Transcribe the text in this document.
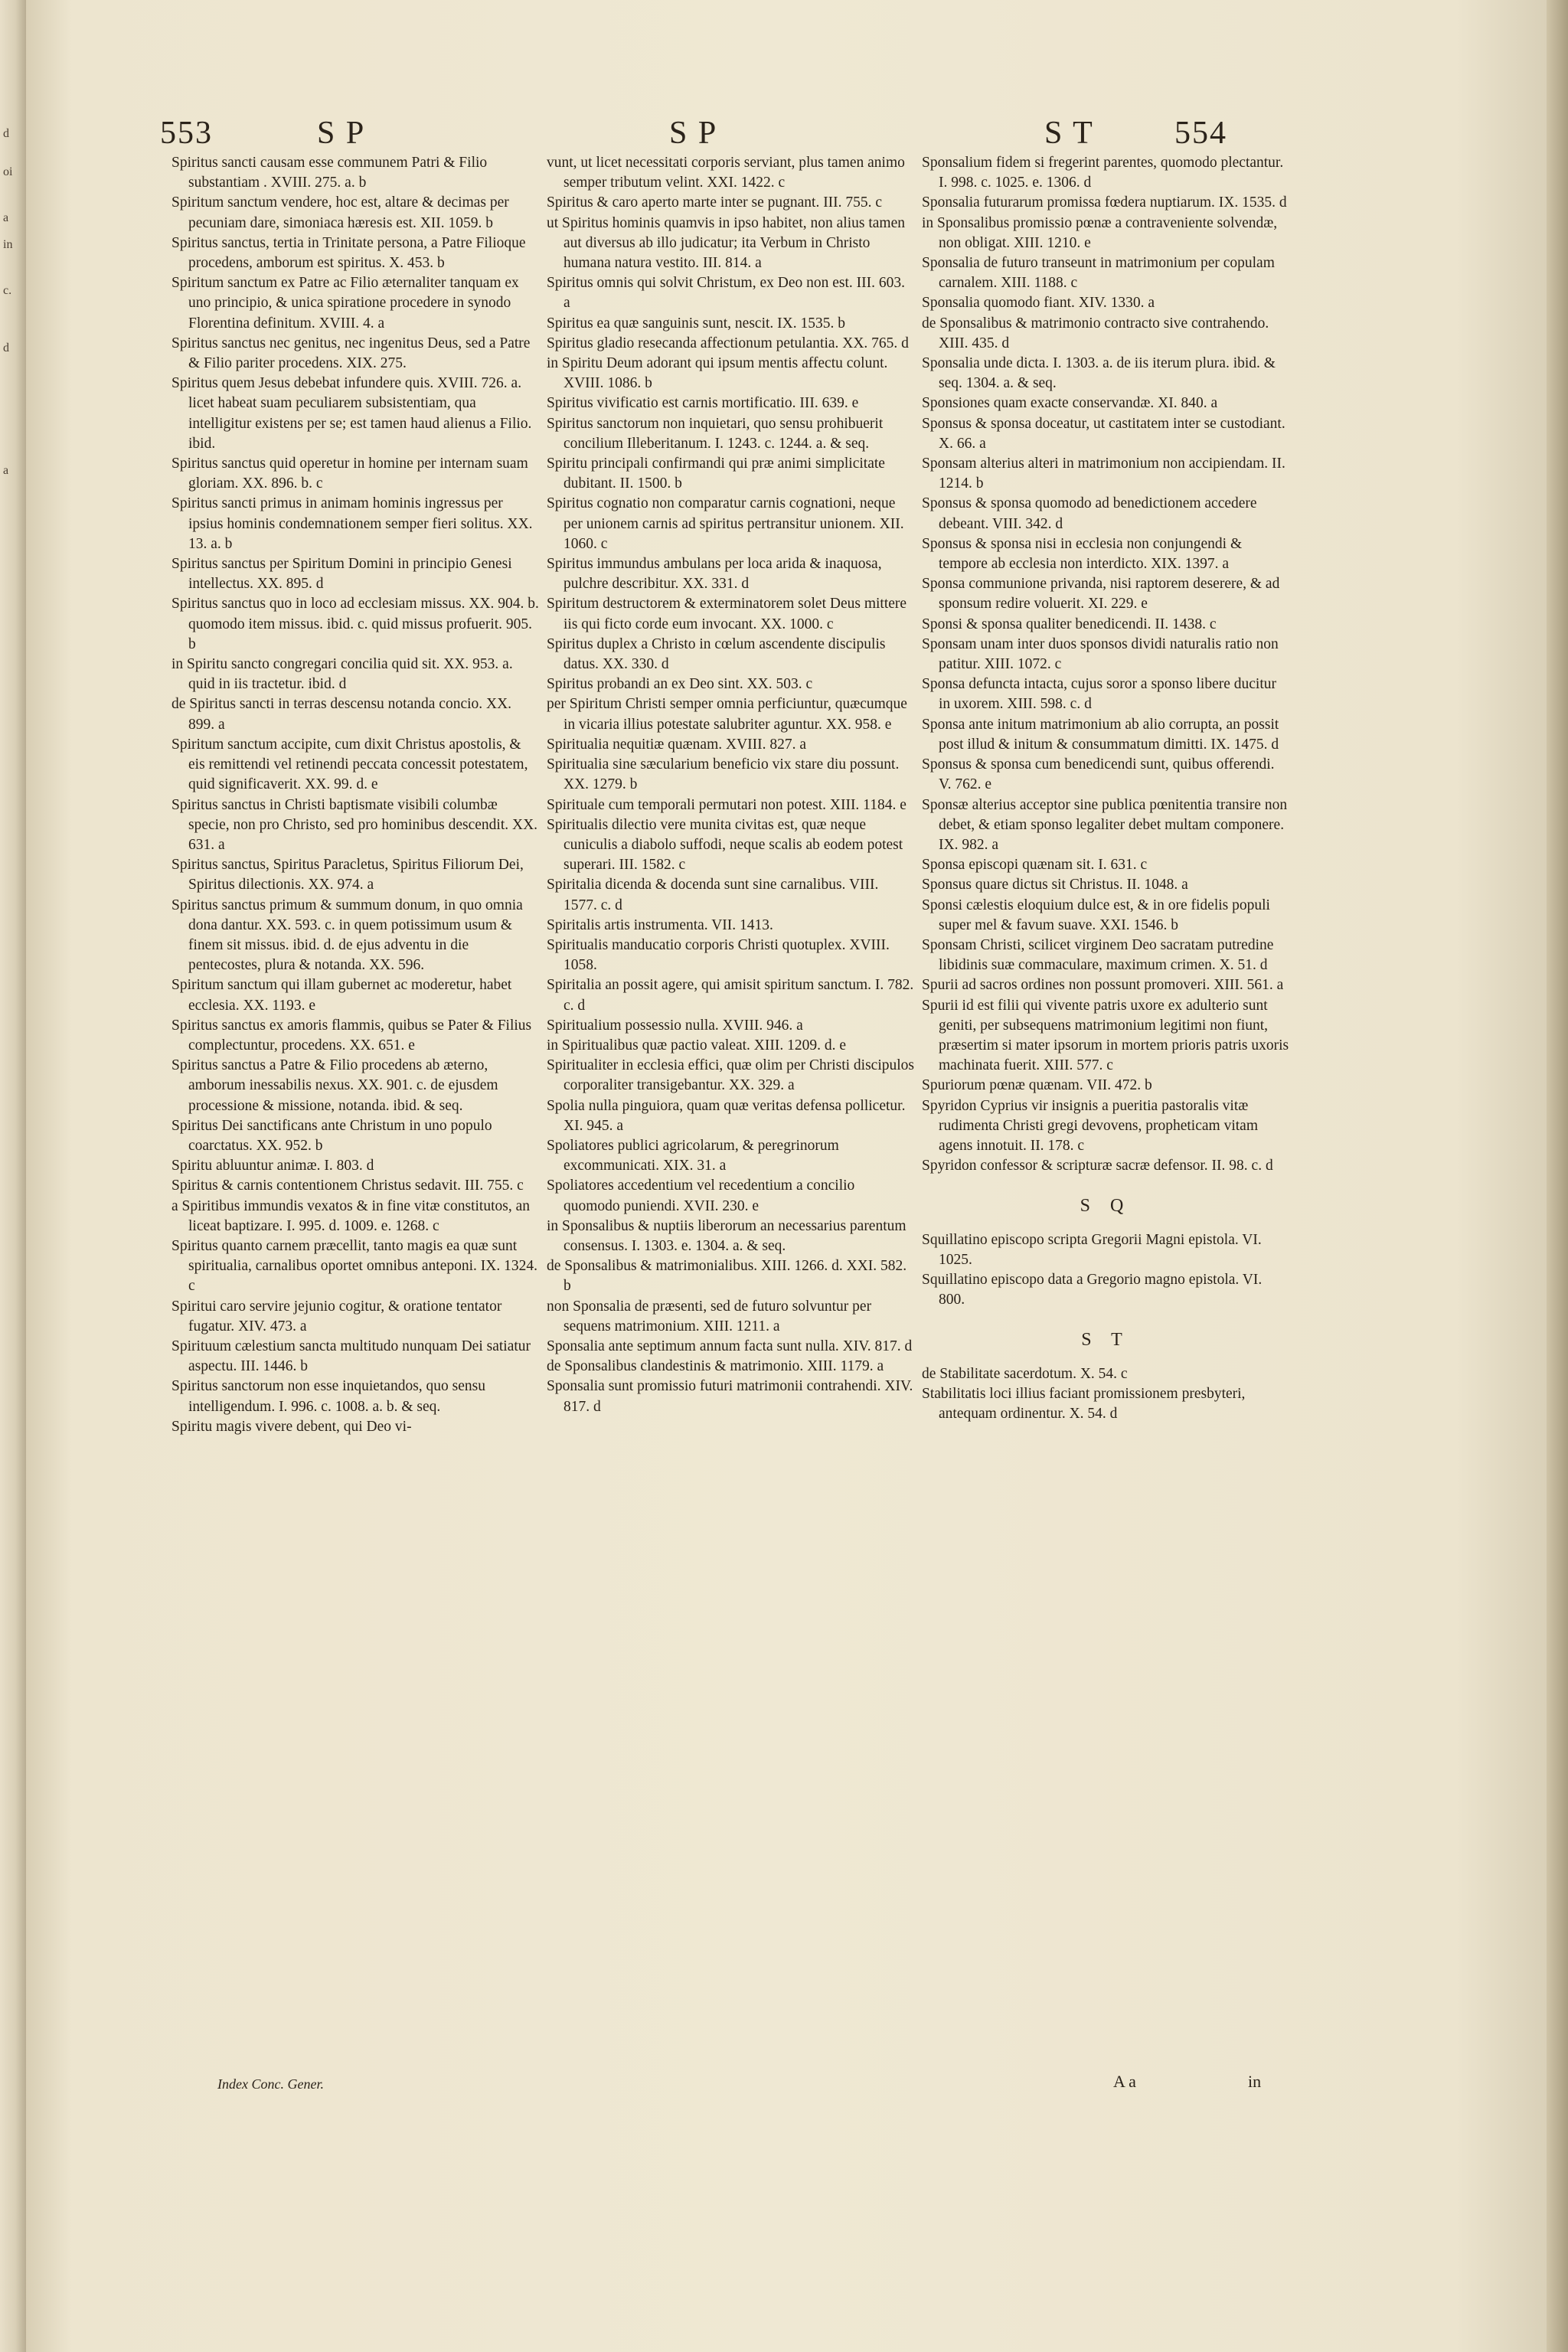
d
oi
a
in
c.
d
a
553	S P	S P	S T	554

Spiritus sancti causam esse communem Patri & Filio substantiam . XVIII. 275. a. b

Spiritum sanctum vendere, hoc est, altare & decimas per pecuniam dare, simoniaca hæresis est. XII. 1059. b

Spiritus sanctus, tertia in Trinitate persona, a Patre Filioque procedens, amborum est spiritus. X. 453. b

Spiritum sanctum ex Patre ac Filio æternaliter tanquam ex uno principio, & unica spiratione procedere in synodo Florentina definitum. XVIII. 4. a

Spiritus sanctus nec genitus, nec ingenitus Deus, sed a Patre & Filio pariter procedens. XIX. 275.

Spiritus quem Jesus debebat infundere quis. XVIII. 726. a. licet habeat suam peculiarem subsistentiam, qua intelligitur existens per se; est tamen haud alienus a Filio. ibid.

Spiritus sanctus quid operetur in homine per internam suam gloriam. XX. 896. b. c

Spiritus sancti primus in animam hominis ingressus per ipsius hominis condemnationem semper fieri solitus. XX. 13. a. b

Spiritus sanctus per Spiritum Domini in principio Genesi intellectus. XX. 895. d

Spiritus sanctus quo in loco ad ecclesiam missus. XX. 904. b. quomodo item missus. ibid. c. quid missus profuerit. 905. b

in Spiritu sancto congregari concilia quid sit. XX. 953. a. quid in iis tractetur. ibid. d

de Spiritus sancti in terras descensu notanda concio. XX. 899. a

Spiritum sanctum accipite, cum dixit Christus apostolis, & eis remittendi vel retinendi peccata concessit potestatem, quid significaverit. XX. 99. d. e

Spiritus sanctus in Christi baptismate visibili columbæ specie, non pro Christo, sed pro hominibus descendit. XX. 631. a

Spiritus sanctus, Spiritus Paracletus, Spiritus Filiorum Dei, Spiritus dilectionis. XX. 974. a

Spiritus sanctus primum & summum donum, in quo omnia dona dantur. XX. 593. c. in quem potissimum usum & finem sit missus. ibid. d. de ejus adventu in die pentecostes, plura & notanda. XX. 596.

Spiritum sanctum qui illam gubernet ac moderetur, habet ecclesia. XX. 1193. e

Spiritus sanctus ex amoris flammis, quibus se Pater & Filius complectuntur, procedens. XX. 651. e

Spiritus sanctus a Patre & Filio procedens ab æterno, amborum inessabilis nexus. XX. 901. c. de ejusdem processione & missione, notanda. ibid. & seq.

Spiritus Dei sanctificans ante Christum in uno populo coarctatus. XX. 952. b

Spiritu abluuntur animæ. I. 803. d

Spiritus & carnis contentionem Christus sedavit. III. 755. c

a Spiritibus immundis vexatos & in fine vitæ constitutos, an liceat baptizare. I. 995. d. 1009. e. 1268. c

Spiritus quanto carnem præcellit, tanto magis ea quæ sunt spiritualia, carnalibus oportet omnibus anteponi. IX. 1324. c

Spiritui caro servire jejunio cogitur, & oratione tentator fugatur. XIV. 473. a

Spirituum cælestium sancta multitudo nunquam Dei satiatur aspectu. III. 1446. b

Spiritus sanctorum non esse inquietandos, quo sensu intelligendum. I. 996. c. 1008. a. b. & seq.

Spiritu magis vivere debent, qui Deo vi-

vunt, ut licet necessitati corporis serviant, plus tamen animo semper tributum velint. XXI. 1422. c

Spiritus & caro aperto marte inter se pugnant. III. 755. c

ut Spiritus hominis quamvis in ipso habitet, non alius tamen aut diversus ab illo judicatur; ita Verbum in Christo humana natura vestito. III. 814. a

Spiritus omnis qui solvit Christum, ex Deo non est. III. 603. a

Spiritus ea quæ sanguinis sunt, nescit. IX. 1535. b

Spiritus gladio resecanda affectionum petulantia. XX. 765. d

in Spiritu Deum adorant qui ipsum mentis affectu colunt. XVIII. 1086. b

Spiritus vivificatio est carnis mortificatio. III. 639. e

Spiritus sanctorum non inquietari, quo sensu prohibuerit concilium Illeberitanum. I. 1243. c. 1244. a. & seq.

Spiritu principali confirmandi qui præ animi simplicitate dubitant. II. 1500. b

Spiritus cognatio non comparatur carnis cognationi, neque per unionem carnis ad spiritus pertransitur unionem. XII. 1060. c

Spiritus immundus ambulans per loca arida & inaquosa, pulchre describitur. XX. 331. d

Spiritum destructorem & exterminatorem solet Deus mittere iis qui ficto corde eum invocant. XX. 1000. c

Spiritus duplex a Christo in cœlum ascendente discipulis datus. XX. 330. d

Spiritus probandi an ex Deo sint. XX. 503. c

per Spiritum Christi semper omnia perficiuntur, quæcumque in vicaria illius potestate salubriter aguntur. XX. 958. e

Spiritualia nequitiæ quænam. XVIII. 827. a

Spiritualia sine sæcularium beneficio vix stare diu possunt. XX. 1279. b

Spirituale cum temporali permutari non potest. XIII. 1184. e

Spiritualis dilectio vere munita civitas est, quæ neque cuniculis a diabolo suffodi, neque scalis ab eodem potest superari. III. 1582. c

Spiritalia dicenda & docenda sunt sine carnalibus. VIII. 1577. c. d

Spiritalis artis instrumenta. VII. 1413.

Spiritualis manducatio corporis Christi quotuplex. XVIII. 1058.

Spiritalia an possit agere, qui amisit spiritum sanctum. I. 782. c. d

Spiritualium possessio nulla. XVIII. 946. a

in Spiritualibus quæ pactio valeat. XIII. 1209. d. e

Spiritualiter in ecclesia effici, quæ olim per Christi discipulos corporaliter transigebantur. XX. 329. a

Spolia nulla pinguiora, quam quæ veritas defensa pollicetur. XI. 945. a

Spoliatores publici agricolarum, & peregrinorum excommunicati. XIX. 31. a

Spoliatores accedentium vel recedentium a concilio quomodo puniendi. XVII. 230. e

in Sponsalibus & nuptiis liberorum an necessarius parentum consensus. I. 1303. e. 1304. a. & seq.

de Sponsalibus & matrimonialibus. XIII. 1266. d. XXI. 582. b

non Sponsalia de præsenti, sed de futuro solvuntur per sequens matrimonium. XIII. 1211. a

Sponsalia ante septimum annum facta sunt nulla. XIV. 817. d

de Sponsalibus clandestinis & matrimonio. XIII. 1179. a

Sponsalia sunt promissio futuri matrimonii contrahendi. XIV. 817. d

Sponsalium fidem si fregerint parentes, quomodo plectantur. I. 998. c. 1025. e. 1306. d

Sponsalia futurarum promissa fœdera nuptiarum. IX. 1535. d

in Sponsalibus promissio pœnæ a contraveniente solvendæ, non obligat. XIII. 1210. e

Sponsalia de futuro transeunt in matrimonium per copulam carnalem. XIII. 1188. c

Sponsalia quomodo fiant. XIV. 1330. a

de Sponsalibus & matrimonio contracto sive contrahendo. XIII. 435. d

Sponsalia unde dicta. I. 1303. a. de iis iterum plura. ibid. & seq. 1304. a. & seq.

Sponsiones quam exacte conservandæ. XI. 840. a

Sponsus & sponsa doceatur, ut castitatem inter se custodiant. X. 66. a

Sponsam alterius alteri in matrimonium non accipiendam. II. 1214. b

Sponsus & sponsa quomodo ad benedictionem accedere debeant. VIII. 342. d

Sponsus & sponsa nisi in ecclesia non conjungendi & tempore ab ecclesia non interdicto. XIX. 1397. a

Sponsa communione privanda, nisi raptorem deserere, & ad sponsum redire voluerit. XI. 229. e

Sponsi & sponsa qualiter benedicendi. II. 1438. c

Sponsam unam inter duos sponsos dividi naturalis ratio non patitur. XIII. 1072. c

Sponsa defuncta intacta, cujus soror a sponso libere ducitur in uxorem. XIII. 598. c. d

Sponsa ante initum matrimonium ab alio corrupta, an possit post illud & initum & consummatum dimitti. IX. 1475. d

Sponsus & sponsa cum benedicendi sunt, quibus offerendi. V. 762. e

Sponsæ alterius acceptor sine publica pœnitentia transire non debet, & etiam sponso legaliter debet multam componere. IX. 982. a

Sponsa episcopi quænam sit. I. 631. c

Sponsus quare dictus sit Christus. II. 1048. a

Sponsi cælestis eloquium dulce est, & in ore fidelis populi super mel & favum suave. XXI. 1546. b

Sponsam Christi, scilicet virginem Deo sacratam putredine libidinis suæ commaculare, maximum crimen. X. 51. d

Spurii ad sacros ordines non possunt promoveri. XIII. 561. a

Spurii id est filii qui vivente patris uxore ex adulterio sunt geniti, per subsequens matrimonium legitimi non fiunt, præsertim si mater ipsorum in mortem prioris patris uxoris machinata fuerit. XIII. 577. c

Spuriorum pœnæ quænam. VII. 472. b

Spyridon Cyprius vir insignis a pueritia pastoralis vitæ rudimenta Christi gregi devovens, propheticam vitam agens innotuit. II. 178. c

Spyridon confessor & scripturæ sacræ defensor. II. 98. c. d

S Q

Squillatino episcopo scripta Gregorii Magni epistola. VI. 1025.

Squillatino episcopo data a Gregorio magno epistola. VI. 800.

S T

de Stabilitate sacerdotum. X. 54. c

Stabilitatis loci illius faciant promissionem presbyteri, antequam ordinentur. X. 54. d

Index Conc. Gener.	A a	in
